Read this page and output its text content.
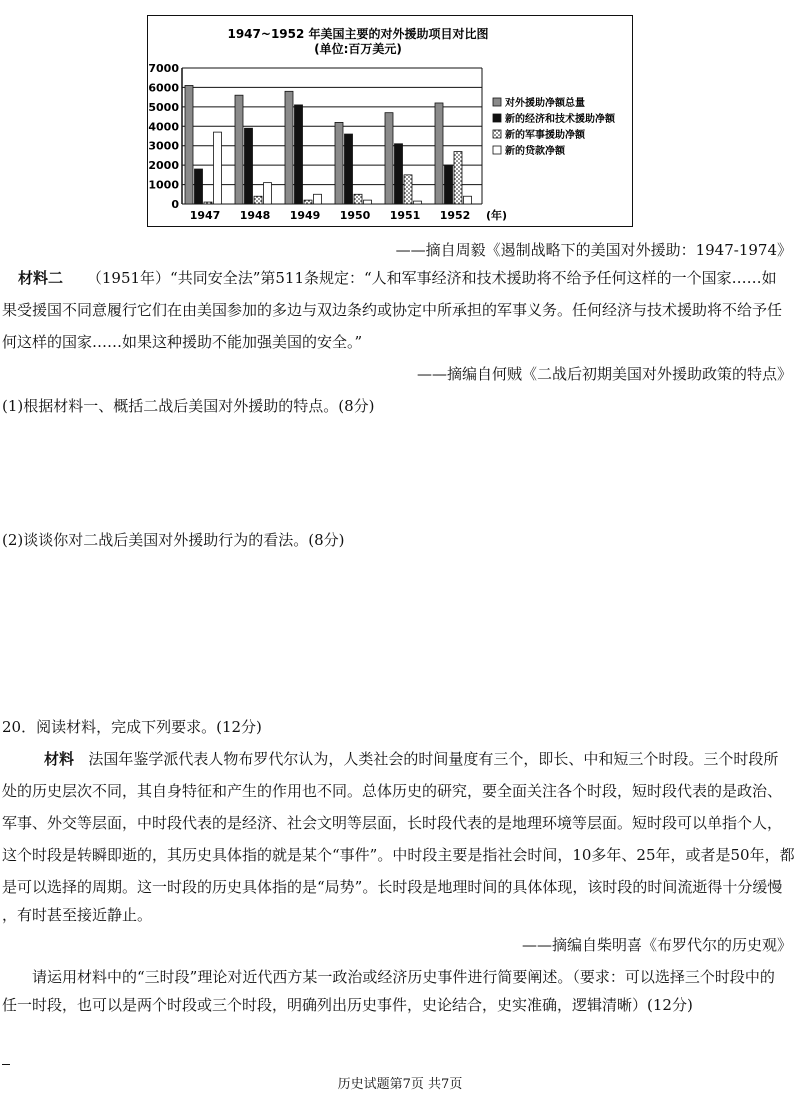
1947~1952 年美国主要的对外援助项目对比图
(单位:百万美元)
0
1000
2000
3000
4000
5000
6000
7000
1947 1948 1949 1950 1951 1952 (年)
对外援助净额总量
新的经济和技术援助净额
新的军事援助净额
新的贷款净额
——摘自周毅《遏制战略下的美国对外援助：1947-1974》
材料二 （1951年）“共同安全法”第511条规定：“人和军事经济和技术援助将不给予任何这样的一个国家……如
果受援国不同意履行它们在由美国参加的多边与双边条约或协定中所承担的军事义务。任何经济与技术援助将不给予任
何这样的国家……如果这种援助不能加强美国的安全。”
——摘编自何贼《二战后初期美国对外援助政策的特点》
(1)根据材料一、概括二战后美国对外援助的特点。(8分)
(2)谈谈你对二战后美国对外援助行为的看法。(8分)
20．阅读材料，完成下列要求。(12分)
材料 法国年鉴学派代表人物布罗代尔认为，人类社会的时间量度有三个，即长、中和短三个时段。三个时段所
处的历史层次不同，其自身特征和产生的作用也不同。总体历史的研究，要全面关注各个时段，短时段代表的是政治、
军事、外交等层面，中时段代表的是经济、社会文明等层面，长时段代表的是地理环境等层面。短时段可以单指个人，
这个时段是转瞬即逝的，其历史具体指的就是某个“事件”。中时段主要是指社会时间，10多年、25年，或者是50年，都
是可以选择的周期。这一时段的历史具体指的是“局势”。长时段是地理时间的具体体现，该时段的时间流逝得十分缓慢
，有时甚至接近静止。
——摘编自柴明喜《布罗代尔的历史观》
请运用材料中的“三时段”理论对近代西方某一政治或经济历史事件进行简要阐述。（要求：可以选择三个时段中的
任一时段，也可以是两个时段或三个时段，明确列出历史事件，史论结合，史实准确，逻辑清晰）(12分)
历史试题第7页 共7页
